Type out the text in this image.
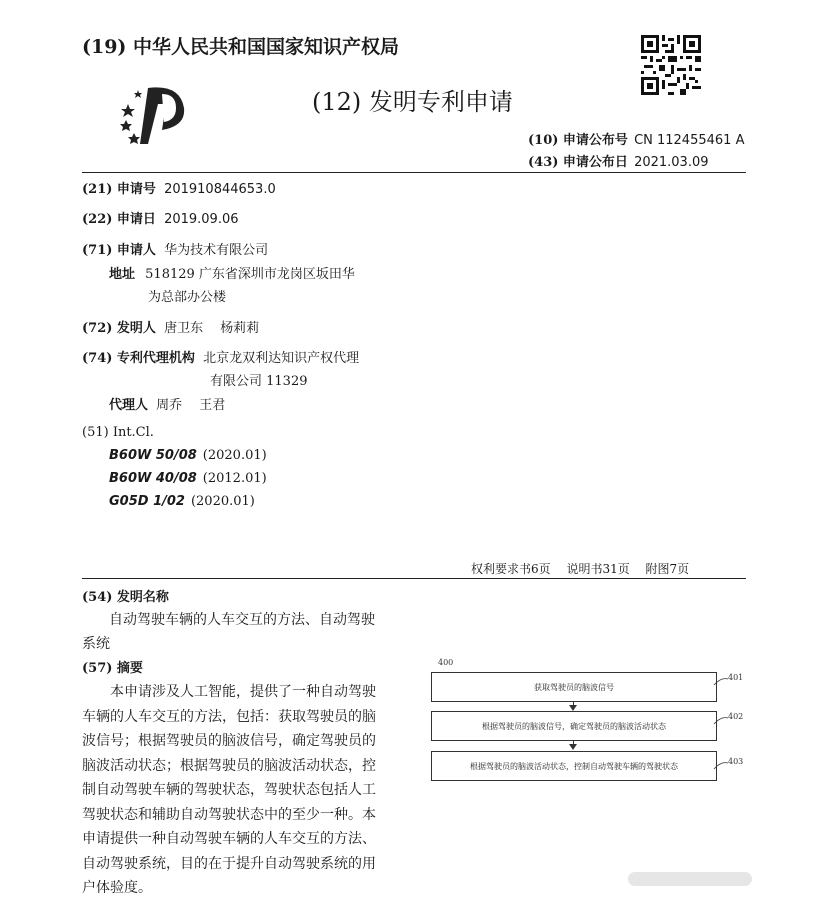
(19) 中华人民共和国国家知识产权局
(12) 发明专利申请
(10) 申请公布号 CN 112455461 A
(43) 申请公布日 2021.03.09
(21) 申请号 201910844653.0
(22) 申请日 2019.09.06
(71) 申请人 华为技术有限公司
地址 518129 广东省深圳市龙岗区坂田华
为总部办公楼
(72) 发明人 唐卫东　 杨莉莉
(74) 专利代理机构 北京龙双利达知识产权代理
有限公司 11329
代理人 周乔　 王君
(51) Int.Cl.
B60W 50/08 (2020.01)
B60W 40/08 (2012.01)
G05D 1/02 (2020.01)
权利要求书6页　 说明书31页　 附图7页
(54) 发明名称
自动驾驶车辆的人车交互的方法、自动驾驶
系统
(57) 摘要
本申请涉及人工智能，提供了一种自动驾驶
车辆的人车交互的方法，包括：获取驾驶员的脑
波信号；根据驾驶员的脑波信号，确定驾驶员的
脑波活动状态；根据驾驶员的脑波活动状态，控
制自动驾驶车辆的驾驶状态，驾驶状态包括人工
驾驶状态和辅助自动驾驶状态中的至少一种。本
申请提供一种自动驾驶车辆的人车交互的方法、
自动驾驶系统，目的在于提升自动驾驶系统的用
户体验度。
400
获取驾驶员的脑波信号
401
根据驾驶员的脑波信号，确定驾驶员的脑波活动状态
402
根据驾驶员的脑波活动状态，控制自动驾驶车辆的驾驶状态	403
